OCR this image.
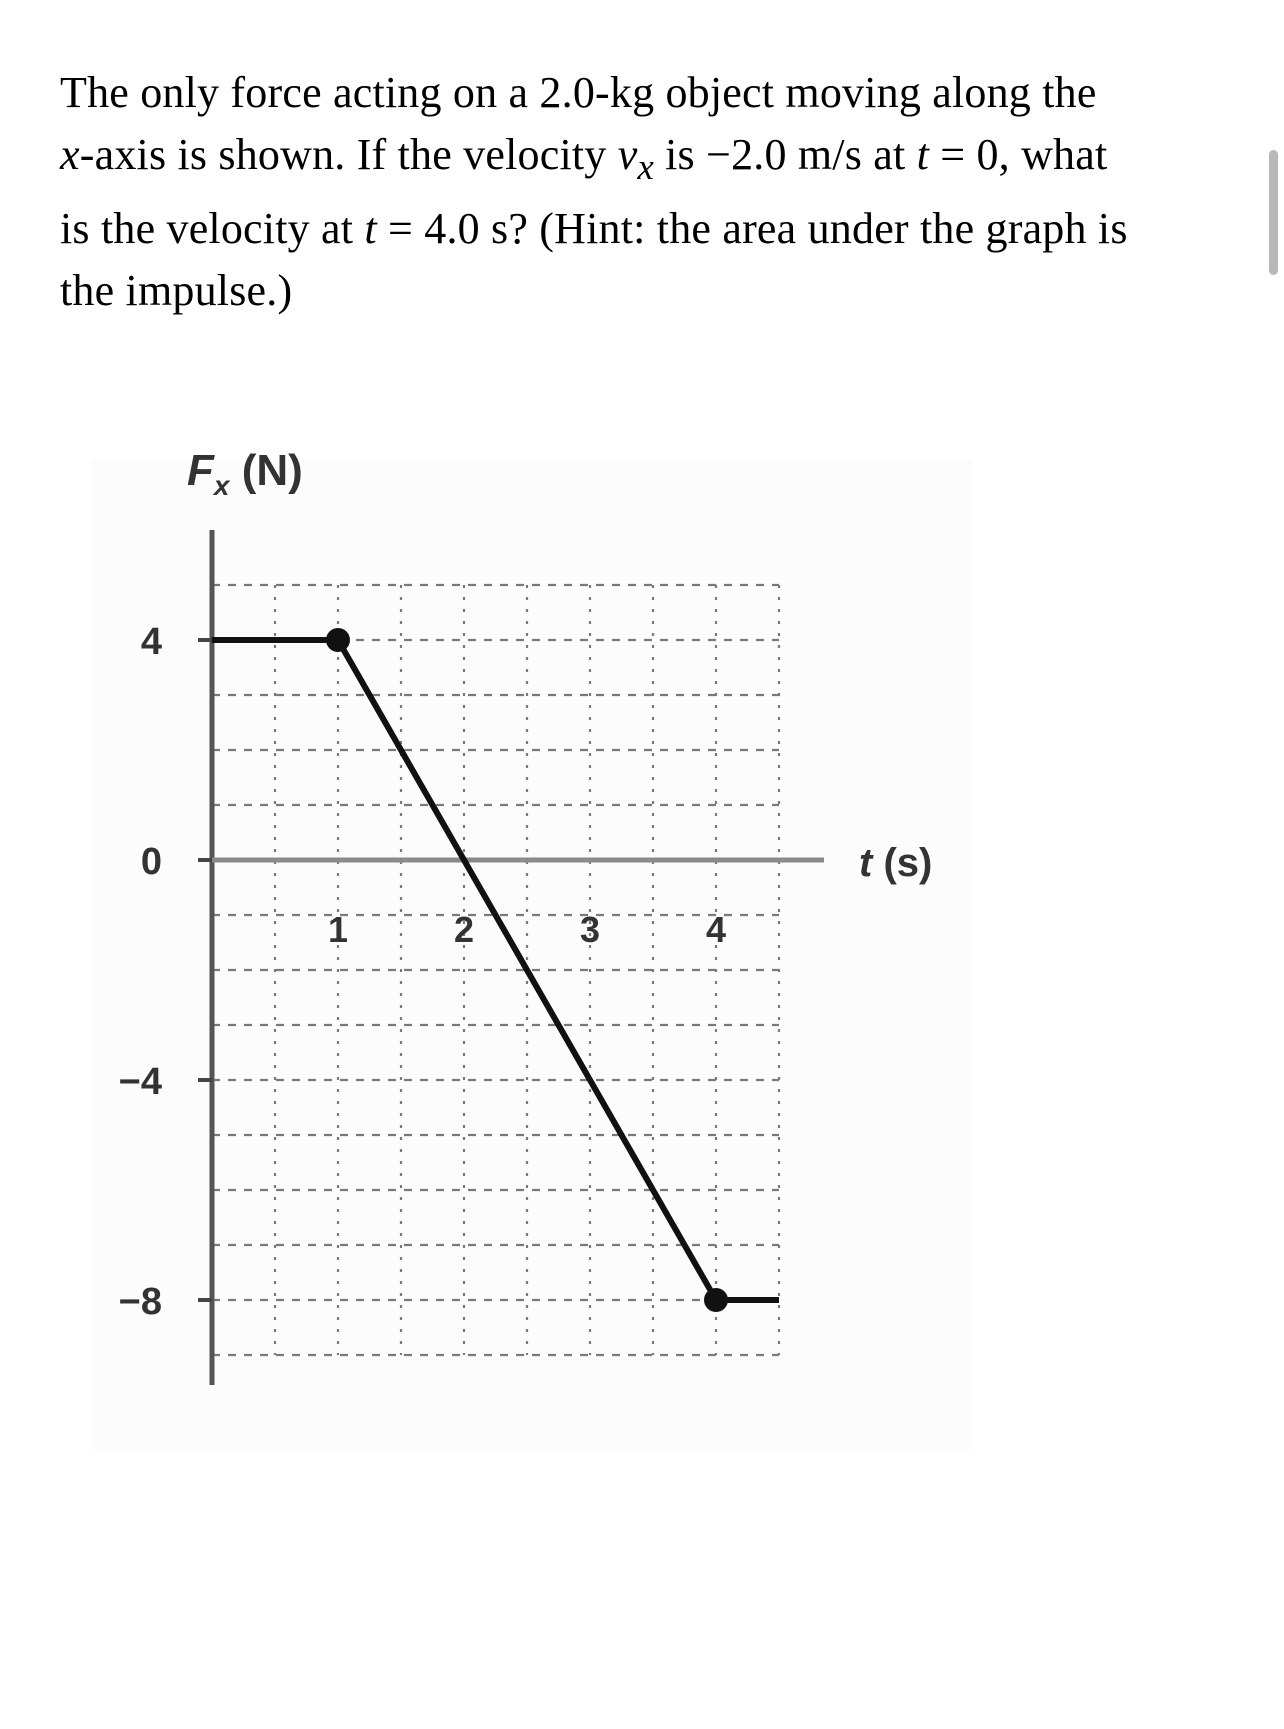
The only force acting on a 2.0-kg object moving along the
x-axis is shown. If the velocity $v_x$ is −2.0 m/s at t = 0, what
is the velocity at t = 4.0 s? (Hint: the area under the graph is
the impulse.)
4
0
−4
−8
1	2	3	4
$F_x$ (N)
t (s)
